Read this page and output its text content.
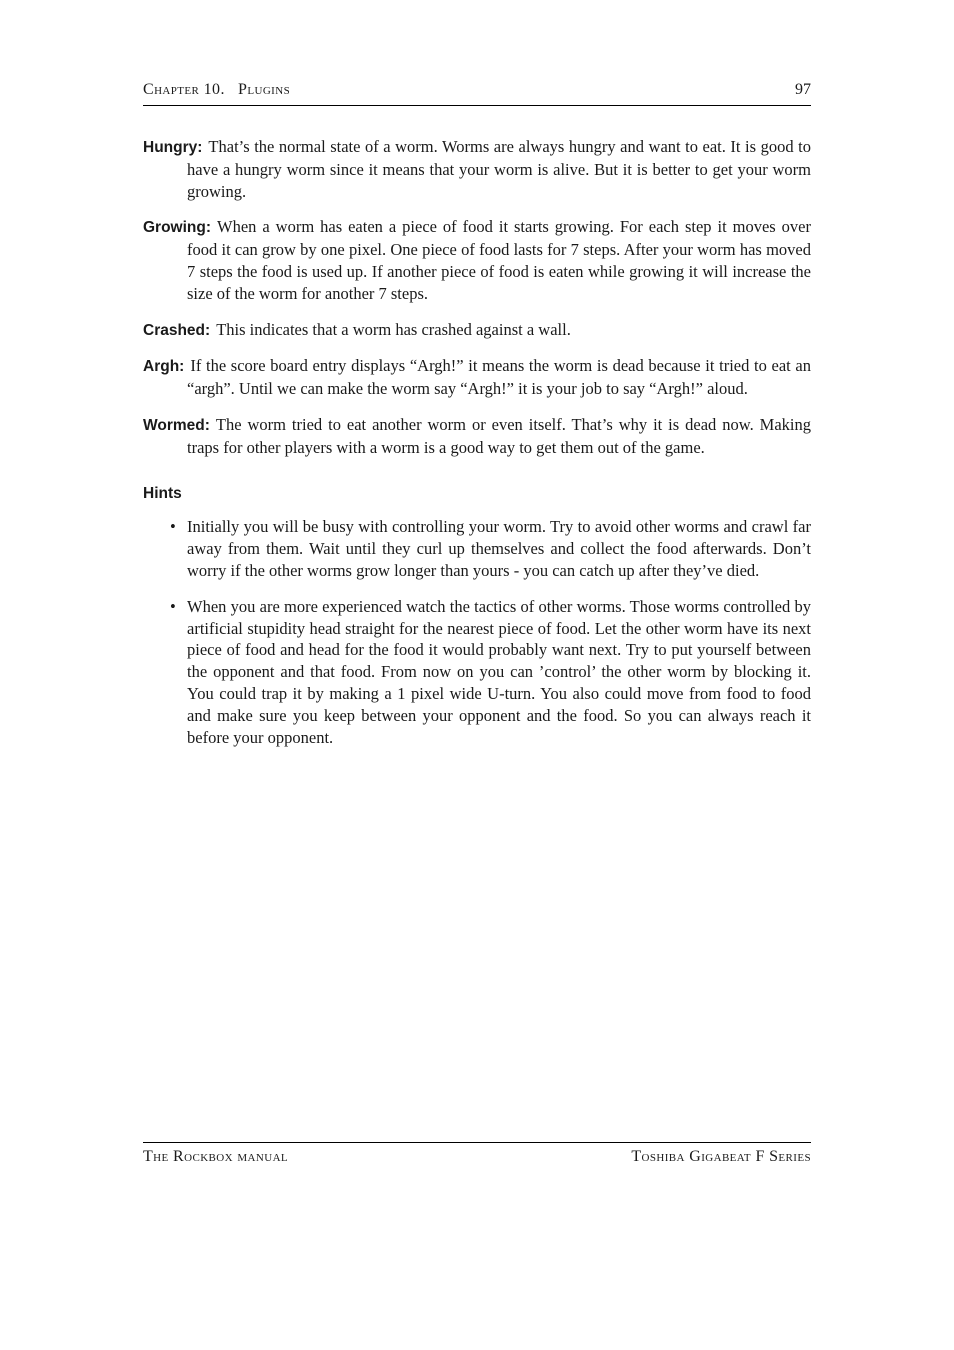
Chapter 10.   Plugins	97
Hungry: That’s the normal state of a worm. Worms are always hungry and want to eat. It is good to have a hungry worm since it means that your worm is alive. But it is better to get your worm growing.
Growing: When a worm has eaten a piece of food it starts growing. For each step it moves over food it can grow by one pixel. One piece of food lasts for 7 steps. After your worm has moved 7 steps the food is used up. If another piece of food is eaten while growing it will increase the size of the worm for another 7 steps.
Crashed: This indicates that a worm has crashed against a wall.
Argh: If the score board entry displays “Argh!” it means the worm is dead because it tried to eat an “argh”. Until we can make the worm say “Argh!” it is your job to say “Argh!” aloud.
Wormed: The worm tried to eat another worm or even itself. That’s why it is dead now. Making traps for other players with a worm is a good way to get them out of the game.
Hints
• Initially you will be busy with controlling your worm. Try to avoid other worms and crawl far away from them. Wait until they curl up themselves and collect the food afterwards. Don’t worry if the other worms grow longer than yours - you can catch up after they’ve died.
• When you are more experienced watch the tactics of other worms. Those worms controlled by artificial stupidity head straight for the nearest piece of food. Let the other worm have its next piece of food and head for the food it would probably want next. Try to put yourself between the opponent and that food. From now on you can ’control’ the other worm by blocking it. You could trap it by making a 1 pixel wide U-turn. You also could move from food to food and make sure you keep between your opponent and the food. So you can always reach it before your opponent.
The Rockbox manual	Toshiba Gigabeat F Series
